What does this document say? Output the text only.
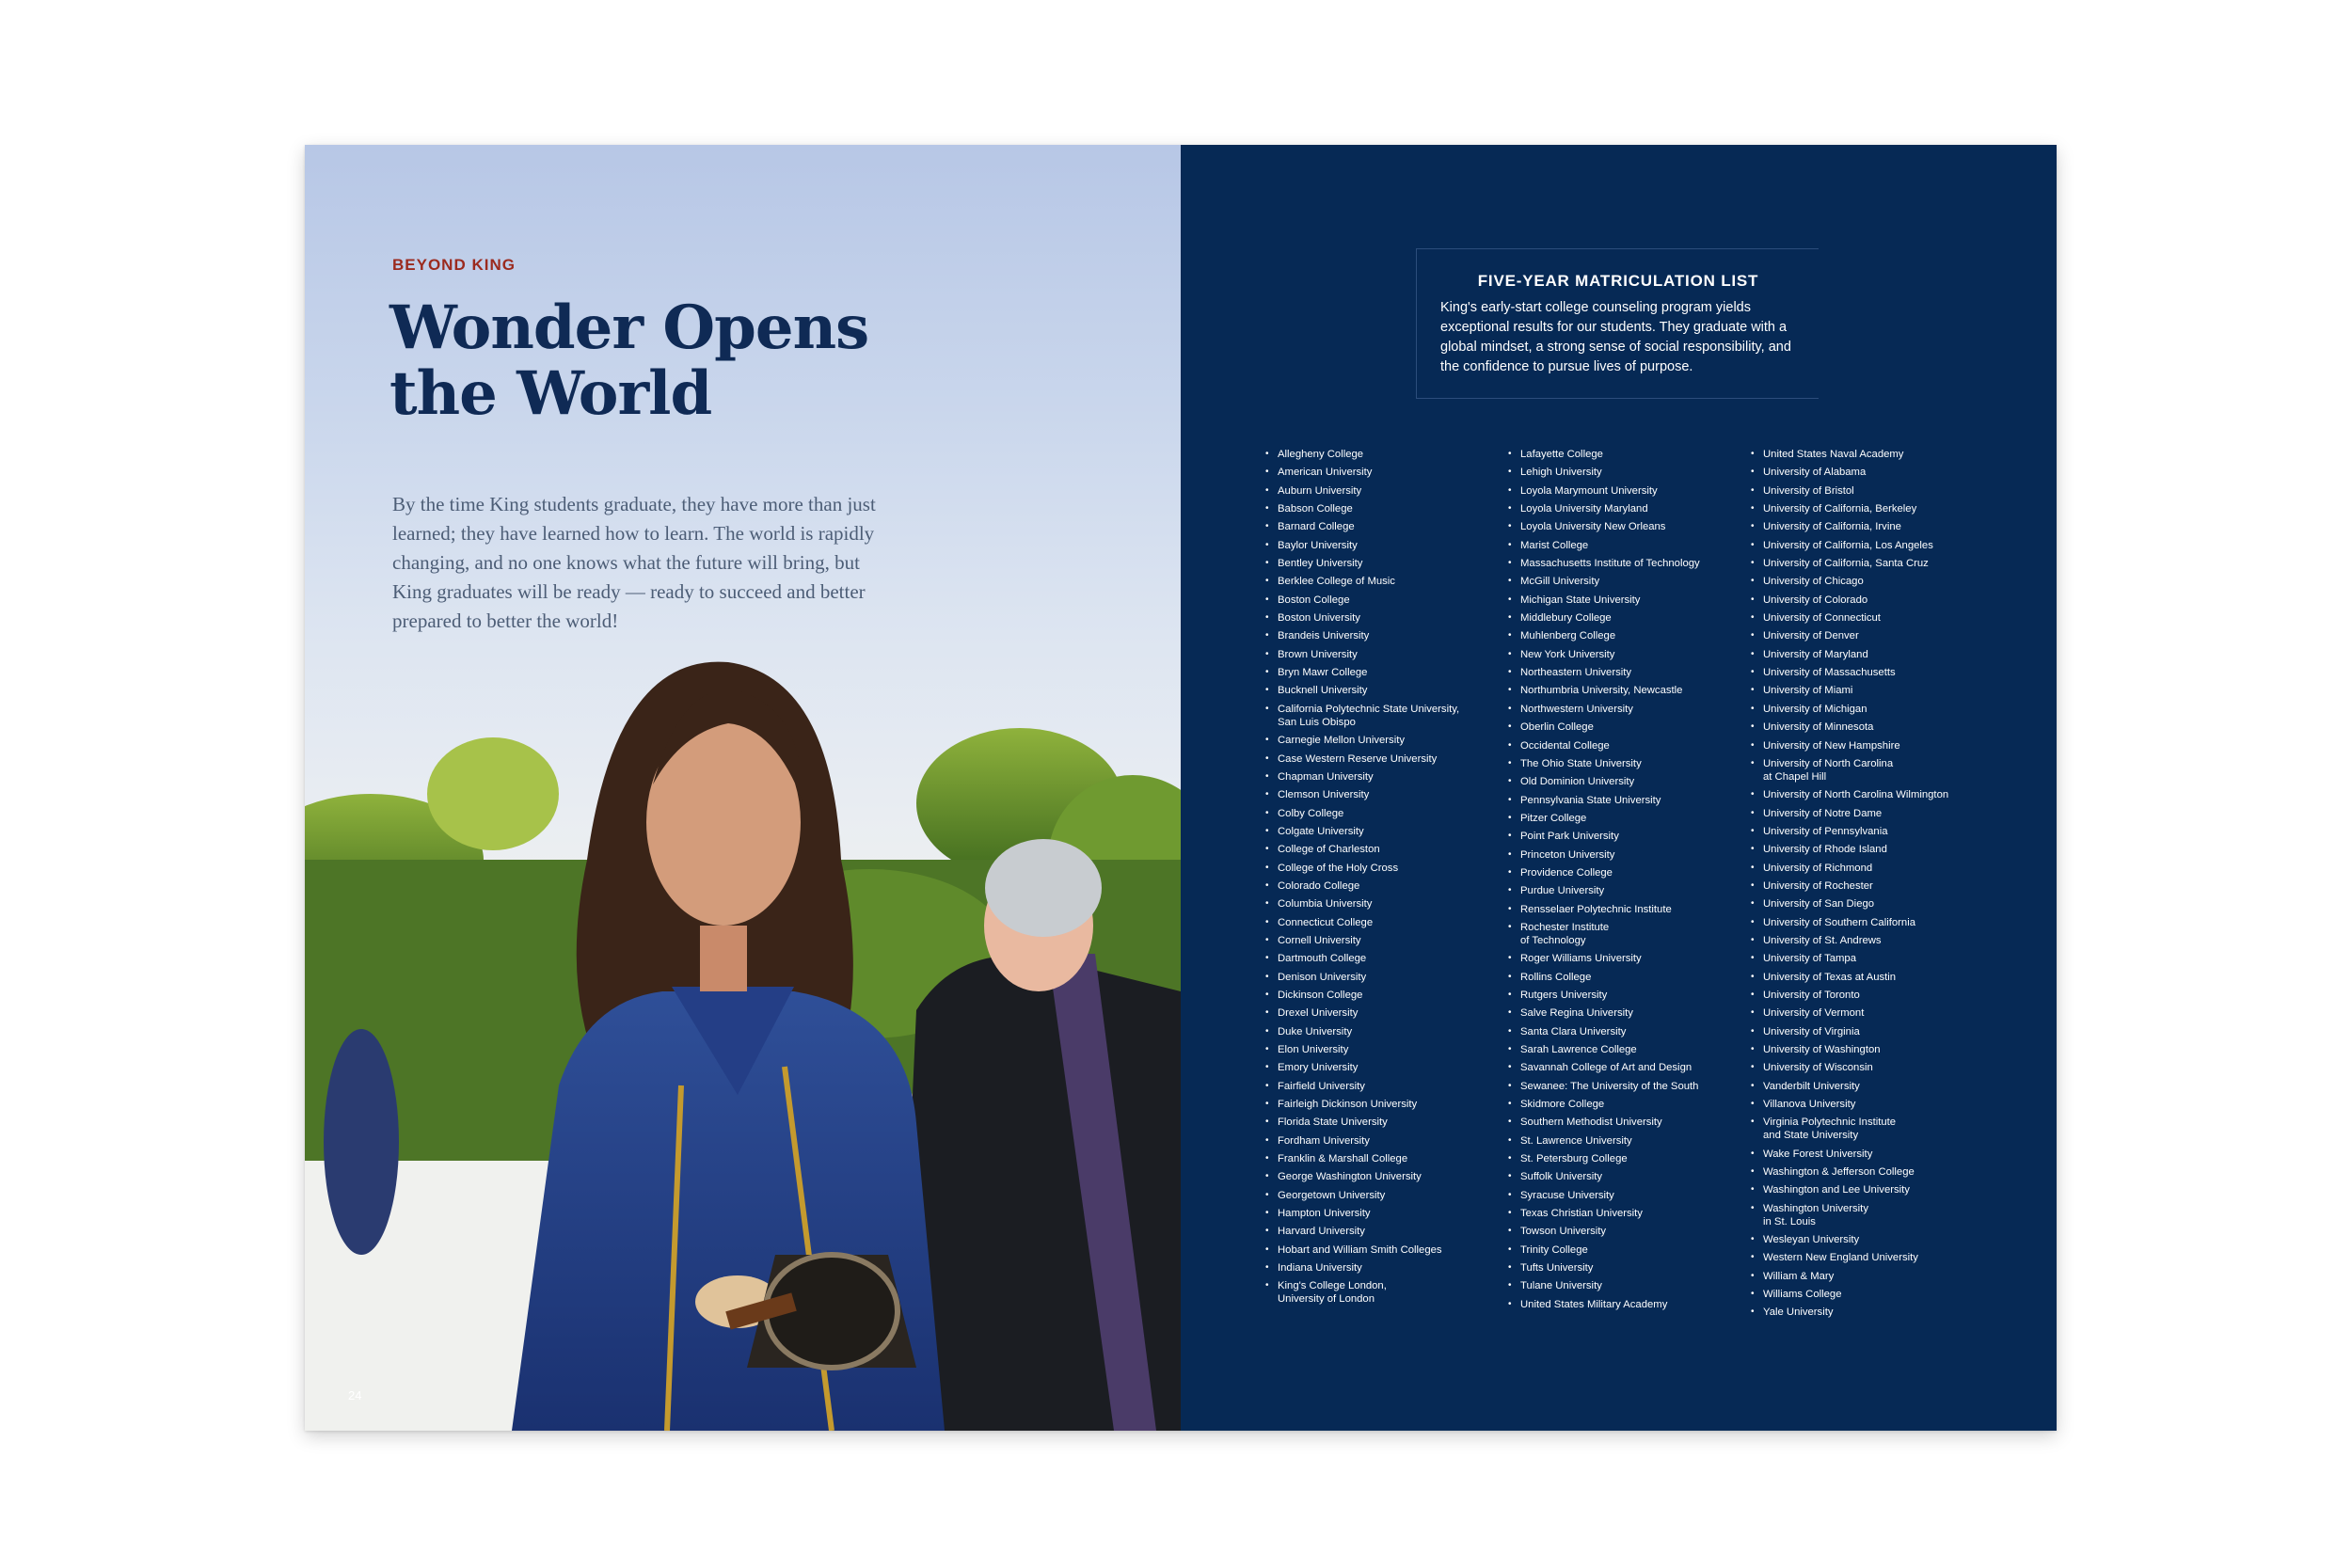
BEYOND KING
Wonder Opens the World

By the time King students graduate, they have more than just learned; they have learned how to learn. The world is rapidly changing, and no one knows what the future will bring, but King graduates will be ready — ready to succeed and better prepared to better the world!

24
FIVE-YEAR MATRICULATION LIST
King's early-start college counseling program yields exceptional results for our students. They graduate with a global mindset, a strong sense of social responsibility, and the confidence to pursue lives of purpose.
• Allegheny College
• American University
• Auburn University
• Babson College
• Barnard College
• Baylor University
• Bentley University
• Berklee College of Music
• Boston College
• Boston University
• Brandeis University
• Brown University
• Bryn Mawr College
• Bucknell University
• California Polytechnic State University,
San Luis Obispo
• Carnegie Mellon University
• Case Western Reserve University
• Chapman University
• Clemson University
• Colby College
• Colgate University
• College of Charleston
• College of the Holy Cross
• Colorado College
• Columbia University
• Connecticut College
• Cornell University
• Dartmouth College
• Denison University
• Dickinson College
• Drexel University
• Duke University
• Elon University
• Emory University
• Fairfield University
• Fairleigh Dickinson University
• Florida State University
• Fordham University
• Franklin & Marshall College
• George Washington University
• Georgetown University
• Hampton University
• Harvard University
• Hobart and William Smith Colleges
• Indiana University
• King's College London,
University of London
• Lafayette College
• Lehigh University
• Loyola Marymount University
• Loyola University Maryland
• Loyola University New Orleans
• Marist College
• Massachusetts Institute of Technology
• McGill University
• Michigan State University
• Middlebury College
• Muhlenberg College
• New York University
• Northeastern University
• Northumbria University, Newcastle
• Northwestern University
• Oberlin College
• Occidental College
• The Ohio State University
• Old Dominion University
• Pennsylvania State University
• Pitzer College
• Point Park University
• Princeton University
• Providence College
• Purdue University
• Rensselaer Polytechnic Institute
• Rochester Institute
of Technology
• Roger Williams University
• Rollins College
• Rutgers University
• Salve Regina University
• Santa Clara University
• Sarah Lawrence College
• Savannah College of Art and Design
• Sewanee: The University of the South
• Skidmore College
• Southern Methodist University
• St. Lawrence University
• St. Petersburg College
• Suffolk University
• Syracuse University
• Texas Christian University
• Towson University
• Trinity College
• Tufts University
• Tulane University
• United States Military Academy
• United States Naval Academy
• University of Alabama
• University of Bristol
• University of California, Berkeley
• University of California, Irvine
• University of California, Los Angeles
• University of California, Santa Cruz
• University of Chicago
• University of Colorado
• University of Connecticut
• University of Denver
• University of Maryland
• University of Massachusetts
• University of Miami
• University of Michigan
• University of Minnesota
• University of New Hampshire
• University of North Carolina
at Chapel Hill
• University of North Carolina Wilmington
• University of Notre Dame
• University of Pennsylvania
• University of Rhode Island
• University of Richmond
• University of Rochester
• University of San Diego
• University of Southern California
• University of St. Andrews
• University of Tampa
• University of Texas at Austin
• University of Toronto
• University of Vermont
• University of Virginia
• University of Washington
• University of Wisconsin
• Vanderbilt University
• Villanova University
• Virginia Polytechnic Institute
and State University
• Wake Forest University
• Washington & Jefferson College
• Washington and Lee University
• Washington University
in St. Louis
• Wesleyan University
• Western New England University
• William & Mary
• Williams College
• Yale University
